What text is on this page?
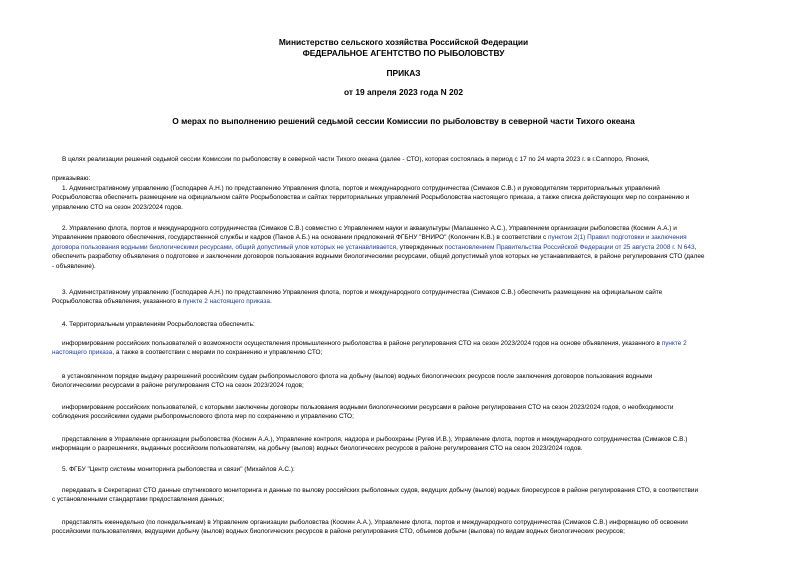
Министерство сельского хозяйства Российской Федерации
ФЕДЕРАЛЬНОЕ АГЕНТСТВО ПО РЫБОЛОВСТВУ
ПРИКАЗ
от 19 апреля 2023 года N 202
О мерах по выполнению решений седьмой сессии Комиссии по рыболовству в северной части Тихого океана
В целях реализации решений седьмой сессии Комиссии по рыболовству в северной части Тихого океана (далее - СТО), которая состоялась в период с 17 по 24 марта 2023 г. в г.Саппоро, Япония,
приказываю:
1. Административному управлению (Господарев А.Н.) по представлению Управления флота, портов и международного сотрудничества (Симаков С.В.) и руководителям территориальных управлений
Росрыболовства обеспечить размещение на официальном сайте Росрыболовства и сайтах территориальных управлений Росрыболовства настоящего приказа, а также списка действующих мер по сохранению и
управлению СТО на сезон 2023/2024 годов.
2. Управлению флота, портов и международного сотрудничества (Симаков С.В.) совместно с Управлением науки и аквакультуры (Малашенко А.С.), Управлением организации рыболовства (Космин А.А.) и
Управлением правового обеспечения, государственной службы и кадров (Панов А.Б.) на основании предложений ФГБНУ "ВНИРО" (Колончин К.В.) в соответствии с пунктом 2(1) Правил подготовки и заключения
договора пользования водными биологическими ресурсами, общий допустимый улов которых не устанавливается, утвержденных постановлением Правительства Российской Федерации от 25 августа 2008 г. N 643,
обеспечить разработку объявления о подготовке и заключении договоров пользования водными биологическими ресурсами, общий допустимый улов которых не устанавливается, в районе регулирования СТО (далее
- объявление).
3. Административному управлению (Господарев А.Н.) по представлению Управления флота, портов и международного сотрудничества (Симаков С.В.) обеспечить размещение на официальном сайте
Росрыболовства объявления, указанного в пункте 2 настоящего приказа.
4. Территориальным управлениям Росрыболовства обеспечить:
информирование российских пользователей о возможности осуществления промышленного рыболовства в районе регулирования СТО на сезон 2023/2024 годов на основе объявления, указанного в пункте 2
настоящего приказа, а также в соответствии с мерами по сохранению и управлению СТО;
в установленном порядке выдачу разрешений российским судам рыбопромыслового флота на добычу (вылов) водных биологических ресурсов после заключения договоров пользования водными
биологическими ресурсами в районе регулирования СТО на сезон 2023/2024 годов;
информирование российских пользователей, с которыми заключены договоры пользования водными биологическими ресурсами в районе регулирования СТО на сезон 2023/2024 годов, о необходимости
соблюдения российскими судами рыбопромыслового флота мер по сохранению и управлению СТО;
представление в Управление организации рыболовства (Космин А.А.), Управление контроля, надзора и рыбоохраны (Ругев И.В.), Управление флота, портов и международного сотрудничества (Симаков С.В.)
информации о разрешениях, выданных российским пользователям, на добычу (вылов) водных биологических ресурсов в районе регулирования СТО на сезон 2023/2024 годов.
5. ФГБУ "Центр системы мониторинга рыболовства и связи" (Михайлов А.С.):
передавать в Секретариат СТО данные спутникового мониторинга и данные по вылову российских рыболовных судов, ведущих добычу (вылов) водных биоресурсов в районе регулирования СТО, в соответствии
с установленными стандартами предоставления данных;
представлять еженедельно (по понедельникам) в Управление организации рыболовства (Космин А.А.), Управление флота, портов и международного сотрудничества (Симаков С.В.) информацию об освоении
российскими пользователями, ведущими добычу (вылов) водных биологических ресурсов в районе регулирования СТО, объемов добычи (вылова) по видам водных биологических ресурсов;
